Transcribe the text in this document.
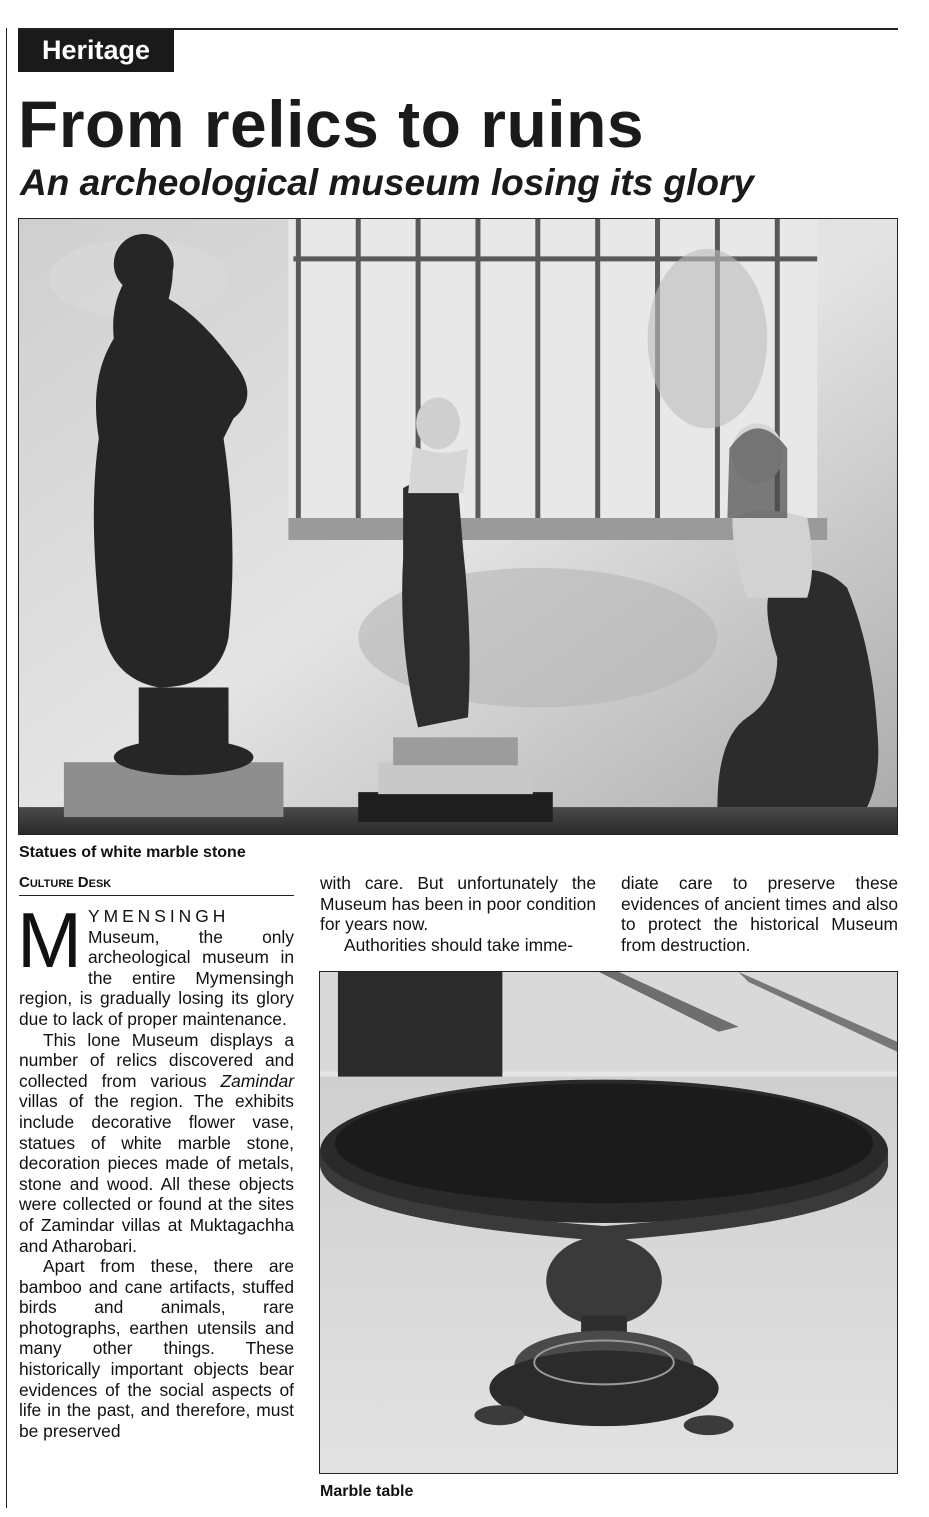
Heritage
From relics to ruins
An archeological museum losing its glory
Statues of white marble stone
Culture Desk

MYMENSINGH Museum, the only archeological museum in the entire Mymensingh region, is gradually losing its glory due to lack of proper maintenance.

This lone Museum displays a number of relics discovered and collected from various Zamindar villas of the region. The exhibits include decorative flower vase, statues of white marble stone, decoration pieces made of metals, stone and wood. All these objects were collected or found at the sites of Zamindar villas at Muktagachha and Atharobari.

Apart from these, there are bamboo and cane artifacts, stuffed birds and animals, rare photographs, earthen utensils and many other things. These historically important objects bear evidences of the social aspects of life in the past, and therefore, must be preserved

with care. But unfortunately the Museum has been in poor condition for years now.

Authorities should take imme-

diate care to preserve these evidences of ancient times and also to protect the historical Museum from destruction.

Marble table
